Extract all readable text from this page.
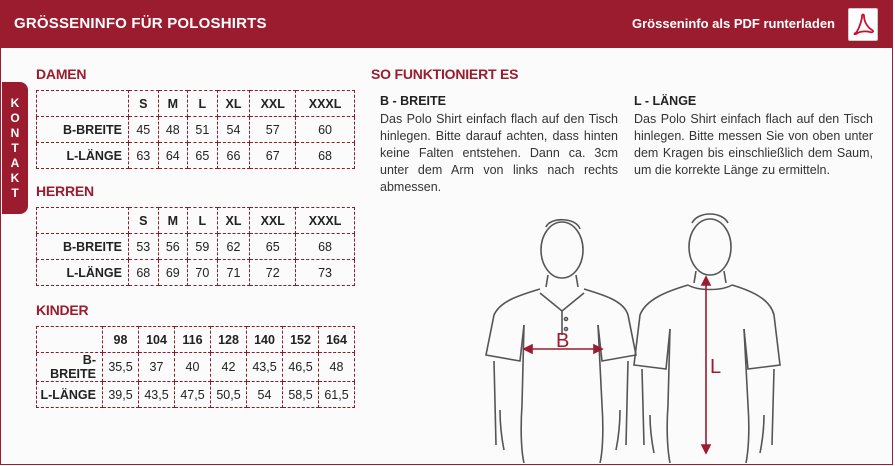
GRÖSSENINFO FÜR POLOSHIRTS	Grösseninfo als PDF runterladen
K
O
N
T
A
K
T
DAMEN
	S	M	L	XL	XXL	XXXL
B-BREITE	45	48	51	54	57	60
L-LÄNGE	63	64	65	66	67	68
HERREN
	S	M	L	XL	XXL	XXXL
B-BREITE	53	56	59	62	65	68
L-LÄNGE	68	69	70	71	72	73
KINDER
	98	104	116	128	140	152	164
B-BREITE	35,5	37	40	42	43,5	46,5	48
L-LÄNGE	39,5	43,5	47,5	50,5	54	58,5	61,5
SO FUNKTIONIERT ES
B - BREITE
Das Polo Shirt einfach flach auf den Tisch hinlegen. Bitte darauf achten, dass hinten keine Falten entstehen. Dann ca. 3cm unter dem Arm von links nach rechts abmessen.
L - LÄNGE
Das Polo Shirt einfach flach auf den Tisch hinlegen. Bitte messen Sie von oben unter dem Kragen bis einschließlich dem Saum, um die korrekte Länge zu ermitteln.
B
L
